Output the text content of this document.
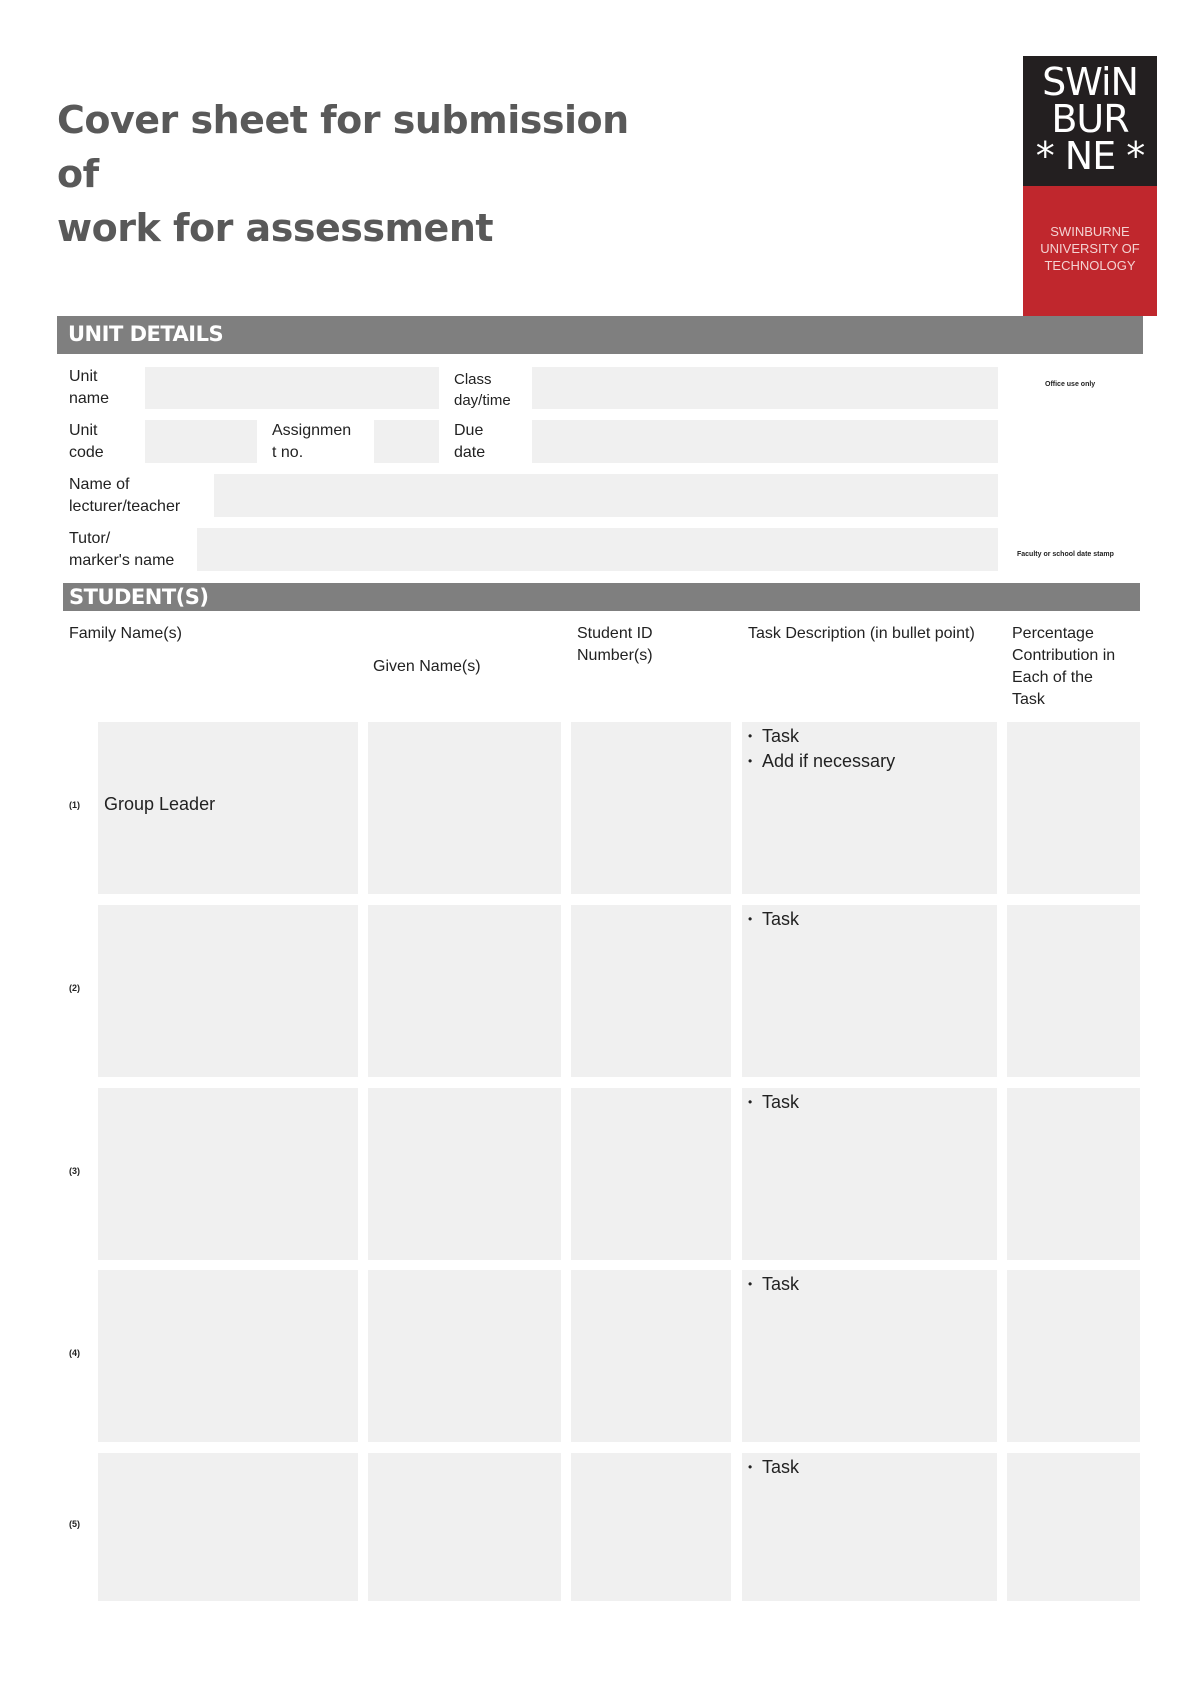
Cover sheet for submission of
work for assessment
SWiN
BUR
* NE *
SWINBURNE
UNIVERSITY OF
TECHNOLOGY
UNIT DETAILS
Unit
name
Class
day/time
Office use only
Unit
code
Assignmen
t no.
Due
date
Name of
lecturer/teacher
Tutor/
marker's name	Faculty or school date stamp
STUDENT(S)
Family Name(s)
Given Name(s)
Student ID
Number(s)
Task Description (in bullet point) Percentage
Contribution in
Each of the
Task
(1) Group Leader
• Task
• Add if necessary
(2)
• Task
(3)
• Task
(4)
• Task
(5)
• Task
